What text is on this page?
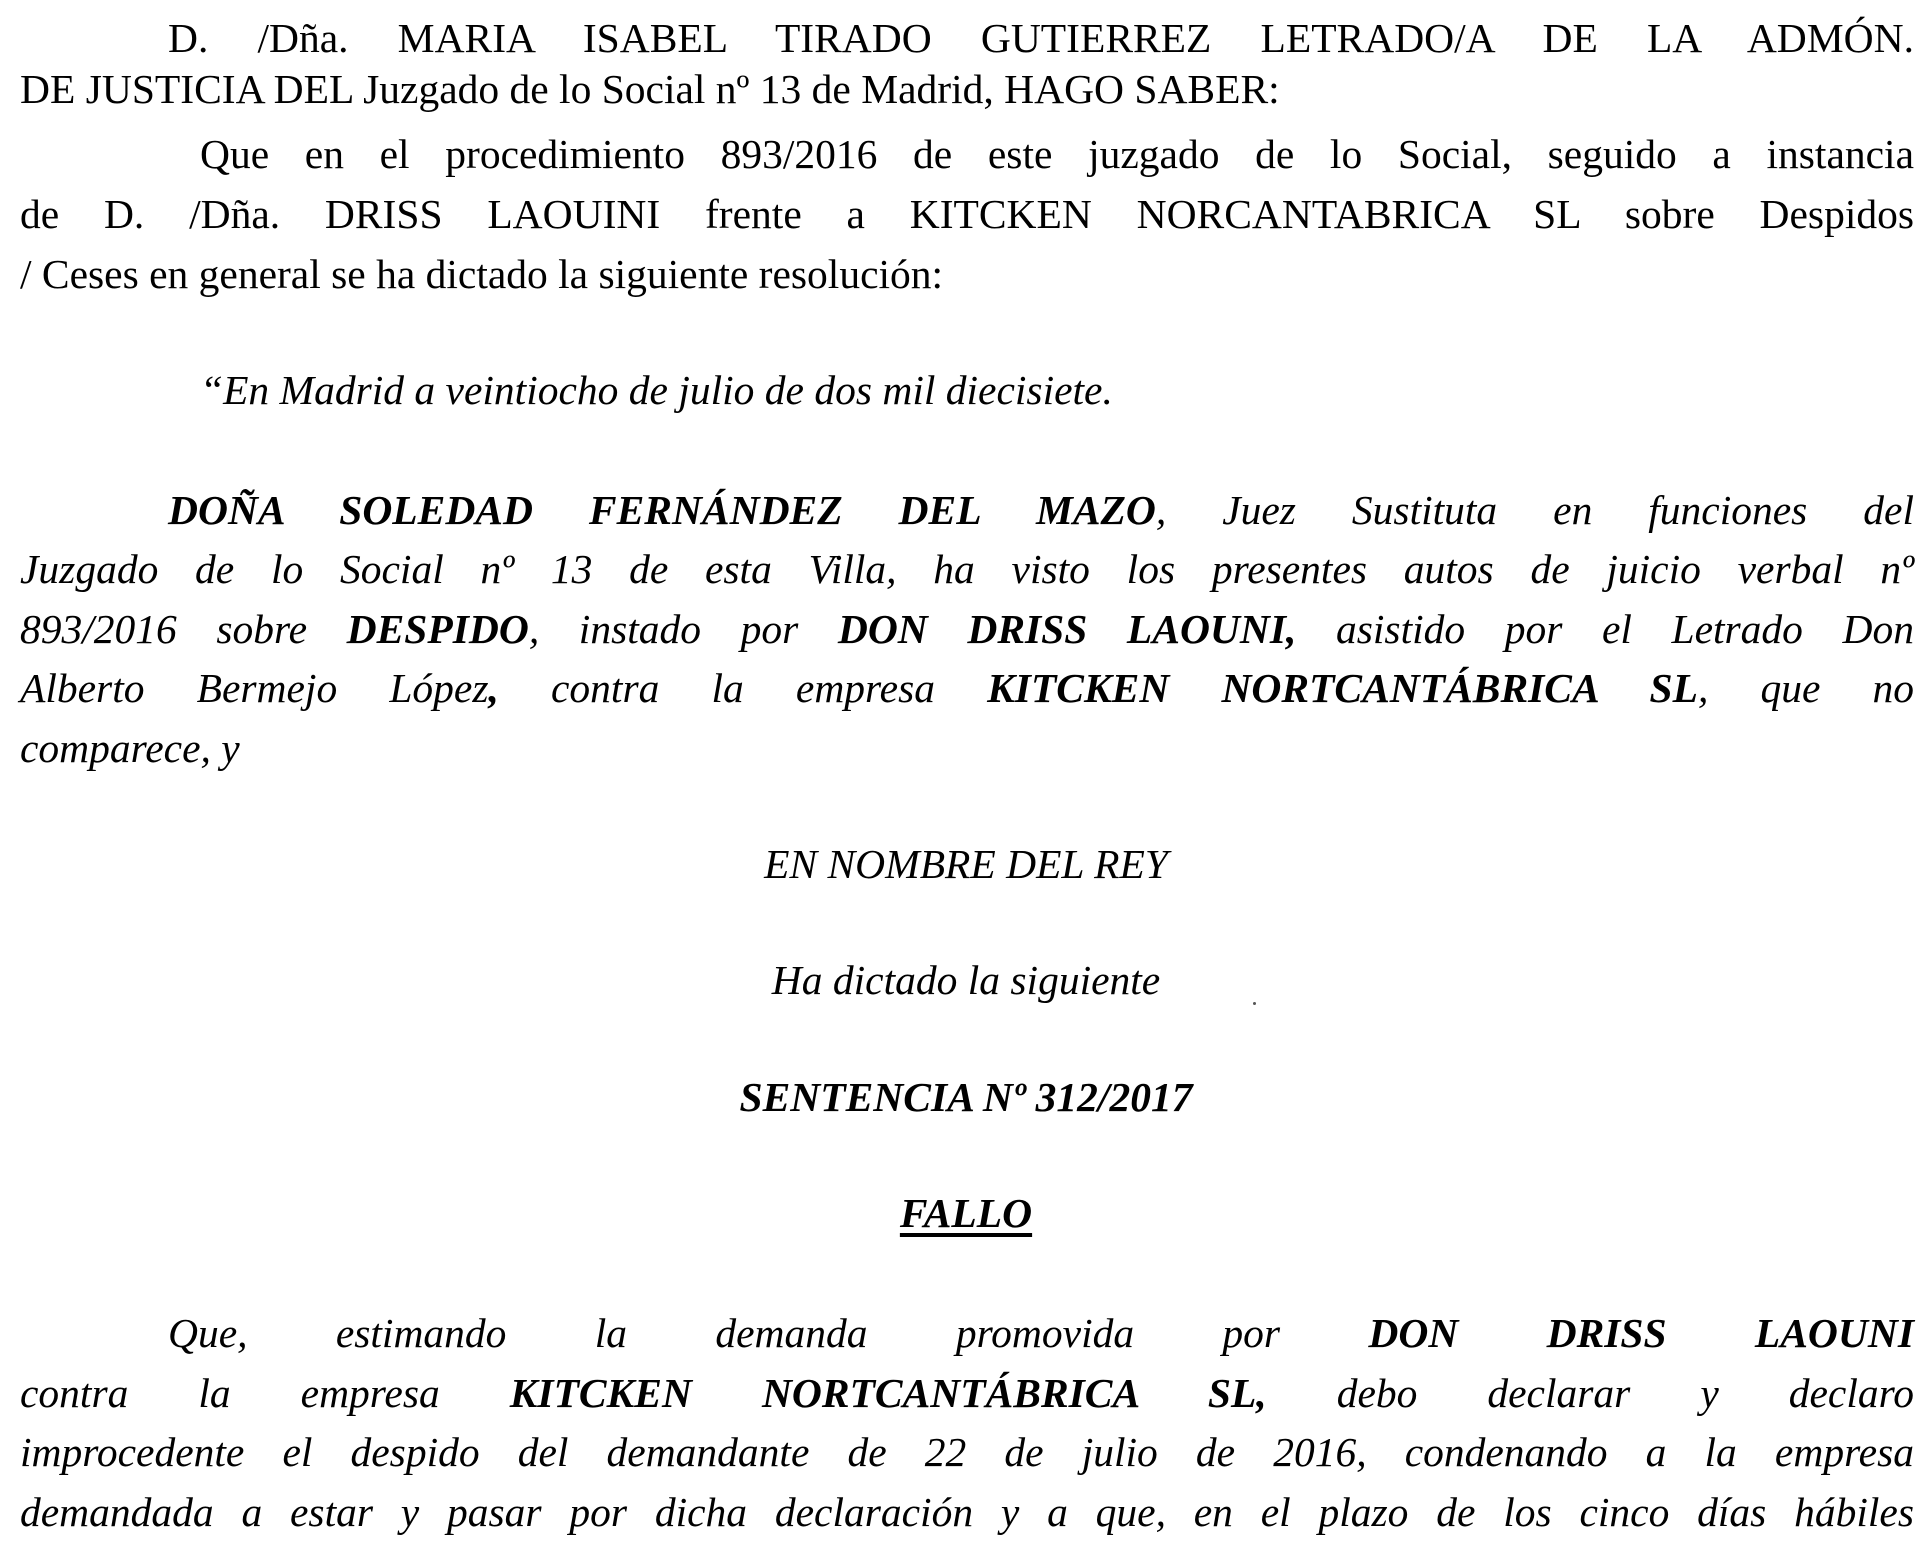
D. /Dña. MARIA ISABEL TIRADO GUTIERREZ LETRADO/A DE LA ADMÓN.
DE JUSTICIA DEL Juzgado de lo Social nº 13 de Madrid, HAGO SABER:
Que en el procedimiento 893/2016 de este juzgado de lo Social, seguido a instancia
de D. /Dña. DRISS LAOUINI frente a KITCKEN NORCANTABRICA SL sobre Despidos
/ Ceses en general se ha dictado la siguiente resolución:
“En Madrid a veintiocho de julio de dos mil diecisiete.
DOÑA SOLEDAD FERNÁNDEZ DEL MAZO, Juez Sustituta en funciones del
Juzgado de lo Social nº 13 de esta Villa, ha visto los presentes autos de juicio verbal nº
893/2016 sobre DESPIDO, instado por DON DRISS LAOUNI, asistido por el Letrado Don
Alberto Bermejo López, contra la empresa KITCKEN NORTCANTÁBRICA SL, que no
comparece, y
EN NOMBRE DEL REY
Ha dictado la siguiente
SENTENCIA Nº 312/2017
FALLO
Que, estimando la demanda promovida por DON DRISS LAOUNI
contra la empresa KITCKEN NORTCANTÁBRICA SL, debo declarar y declaro
improcedente el despido del demandante de 22 de julio de 2016, condenando a la empresa
demandada a estar y pasar por dicha declaración y a que, en el plazo de los cinco días hábiles
